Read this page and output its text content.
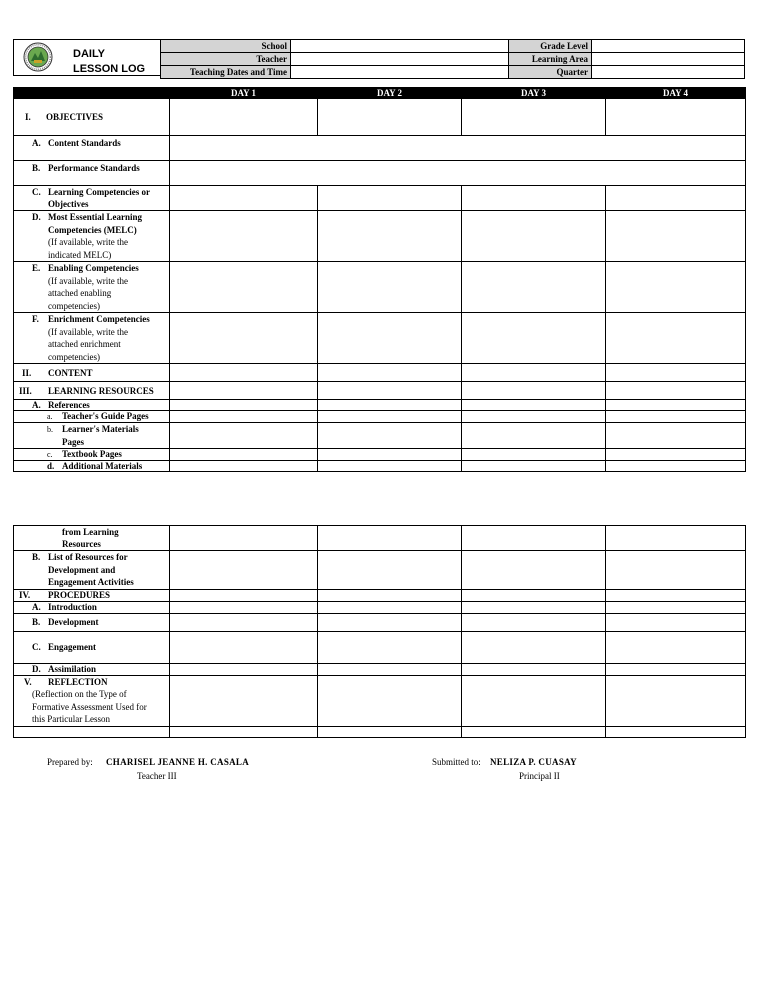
DAILY
LESSON LOG
School		Grade Level	
Teacher		Learning Area	
Teaching Dates and Time		Quarter	
	DAY 1	DAY 2	DAY 3	DAY 4
I. OBJECTIVES				
A. Content Standards				
B. Performance Standards				

C. Learning Competencies or
Objectives				

D. Most Essential Learning
Competencies (MELC)
(If available, write the
indicated MELC)				

E. Enabling Competencies
(If available, write the
attached enabling
competencies)				

F. Enrichment Competencies
(If available, write the
attached enrichment
competencies)				

II. CONTENT				
III. LEARNING RESOURCES				
A. References				
a. Teacher's Guide Pages				

b. Learner's Materials
Pages				

c. Textbook Pages				
d. Additional Materials				
from Learning
Resources				

B. List of Resources for
Development and
Engagement Activities				

IV. PROCEDURES				
A. Introduction				
B. Development				
C. Engagement				
D. Assimilation				

V. REFLECTION
(Reflection on the Type of
Formative Assessment Used for
this Particular Lesson				

Prepared by: CHARISEL JEANNE H. CASALA
Teacher III
Submitted to: NELIZA P. CUASAY
Principal II
